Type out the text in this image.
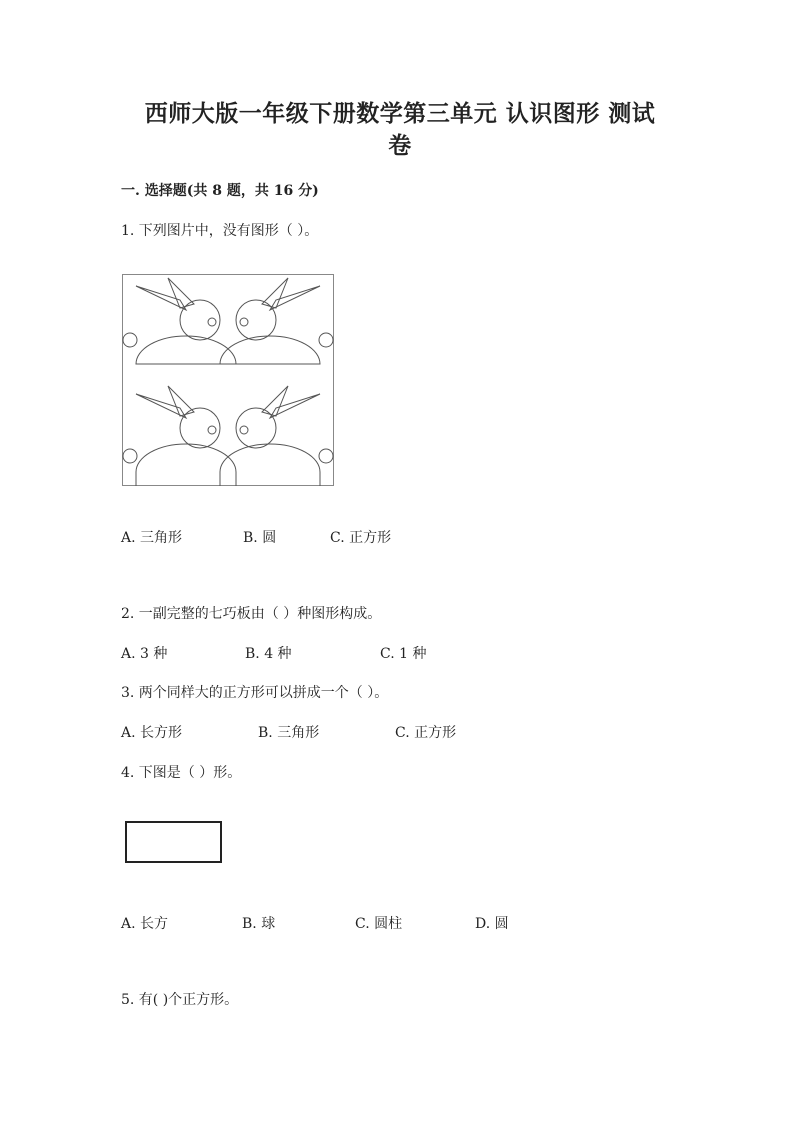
西师大版一年级下册数学第三单元 认识图形 测试
卷
一. 选择题(共 8 题，共 16 分)
1. 下列图片中，没有图形（ ）。
A. 三角形	B. 圆	C. 正方形
2. 一副完整的七巧板由（ ）种图形构成。
A. 3 种	B. 4 种	C. 1 种
3. 两个同样大的正方形可以拼成一个（ ）。
A. 长方形	B. 三角形	C. 正方形
4. 下图是（ ）形。
A. 长方	B. 球	C. 圆柱	D. 圆
5. 有( )个正方形。
